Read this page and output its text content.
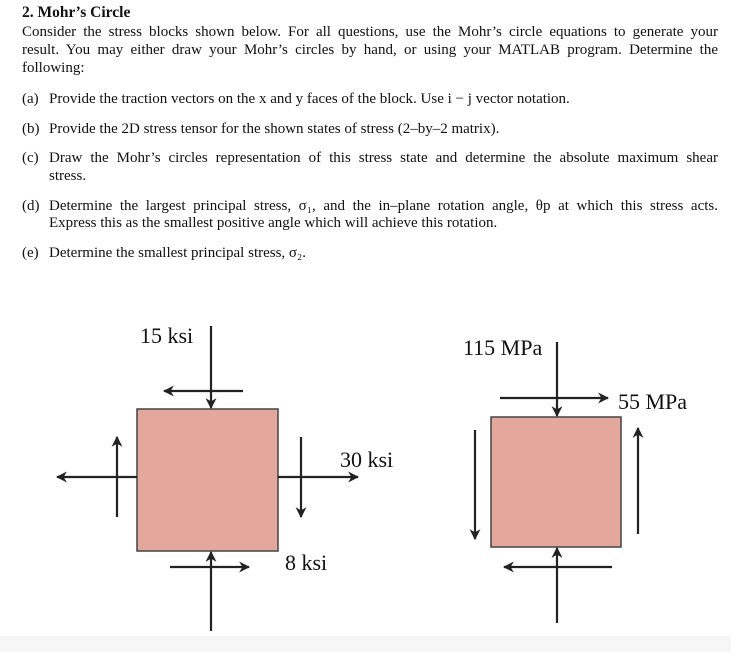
2. Mohr’s Circle
Consider the stress blocks shown below. For all questions, use the Mohr’s circle equations to generate your
result. You may either draw your Mohr’s circles by hand, or using your MATLAB program. Determine the
following:
(a) Provide the traction vectors on the x and y faces of the block. Use i − j vector notation.
(b) Provide the 2D stress tensor for the shown states of stress (2–by–2 matrix).
(c) Draw the Mohr’s circles representation of this stress state and determine the absolute maximum shear
stress.
(d) Determine the largest principal stress, σ₁, and the in–plane rotation angle, θp at which this stress acts.
Express this as the smallest positive angle which will achieve this rotation.
(e) Determine the smallest principal stress, σ₂.
15 ksi
30 ksi
8 ksi
115 MPa
55 MPa
